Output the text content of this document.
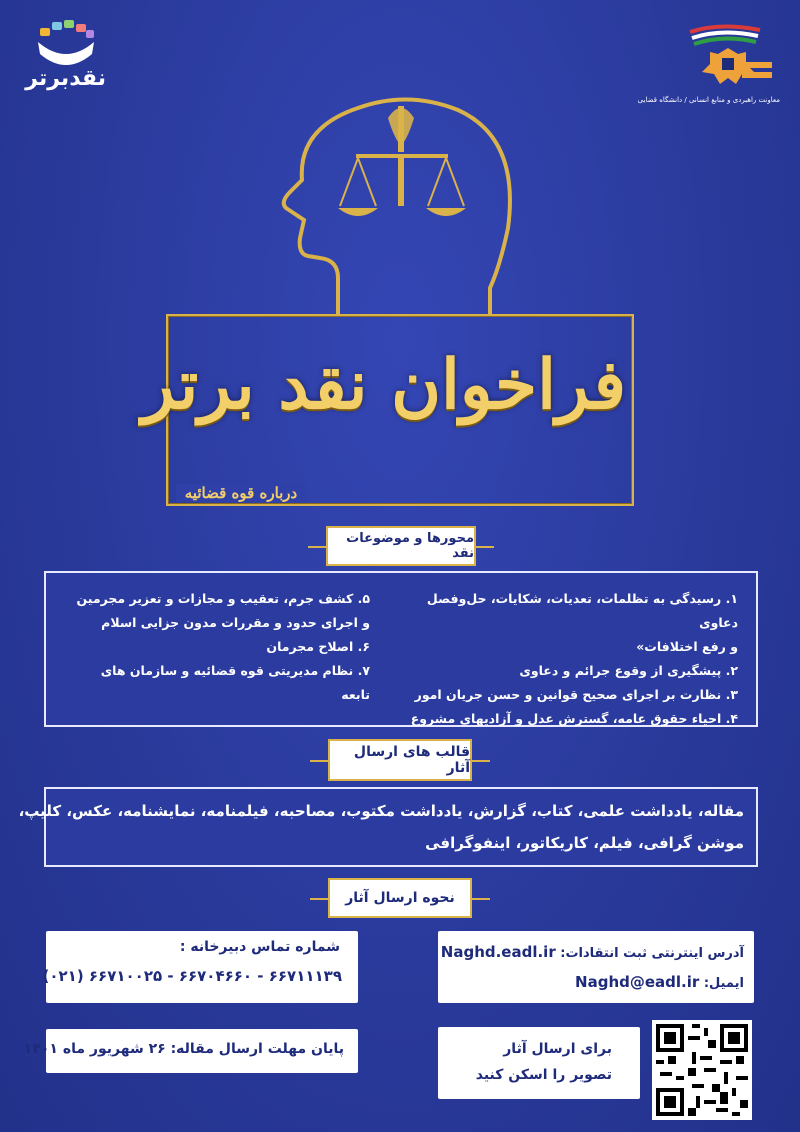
نقدبرتر
معاونت راهبردی و منابع انسانی / دانشگاه قضایی
فراخوان نقد برتر
درباره قوه قضائیه
محورها و موضوعات نقد
۱. رسیدگی به تظلمات، تعدیات، شکایات، حل‌وفصل دعاوی
و رفع اختلافات»
۲. پیشگیری از وقوع جرائم و دعاوی
۳. نظارت بر اجرای صحیح قوانین و حسن جریان امور
۴. احیاء حقوق عامه، گسترش عدل و آزادیهای مشروع
۵. کشف جرم، تعقیب و مجازات و تعزیر مجرمین
و اجرای حدود و مقررات مدون جزایی اسلام
۶. اصلاح مجرمان
۷. نظام مدیریتی قوه قضائیه و سازمان های
تابعه
قالب های ارسال آثار
مقاله، یادداشت علمی، کتاب، گزارش، یادداشت مکتوب، مصاحبه، فیلمنامه، نمایشنامه، عکس، کلیپ،
موشن گرافی، فیلم، کاریکاتور، اینفوگرافی
نحوه ارسال آثار
شماره تماس دبیرخانه :
۶۶۷۱۱۱۳۹ - ۶۶۷۰۴۶۶۰ - ۶۶۷۱۰۰۲۵ (۰۲۱)
آدرس اینترنتی ثبت انتقادات: Naghd.eadl.ir
ایمیل: Naghd@eadl.ir
پایان مهلت ارسال مقاله: ۲۶ شهریور ماه ۱۴۰۱	برای ارسال آثار
تصویر را اسکن کنید
